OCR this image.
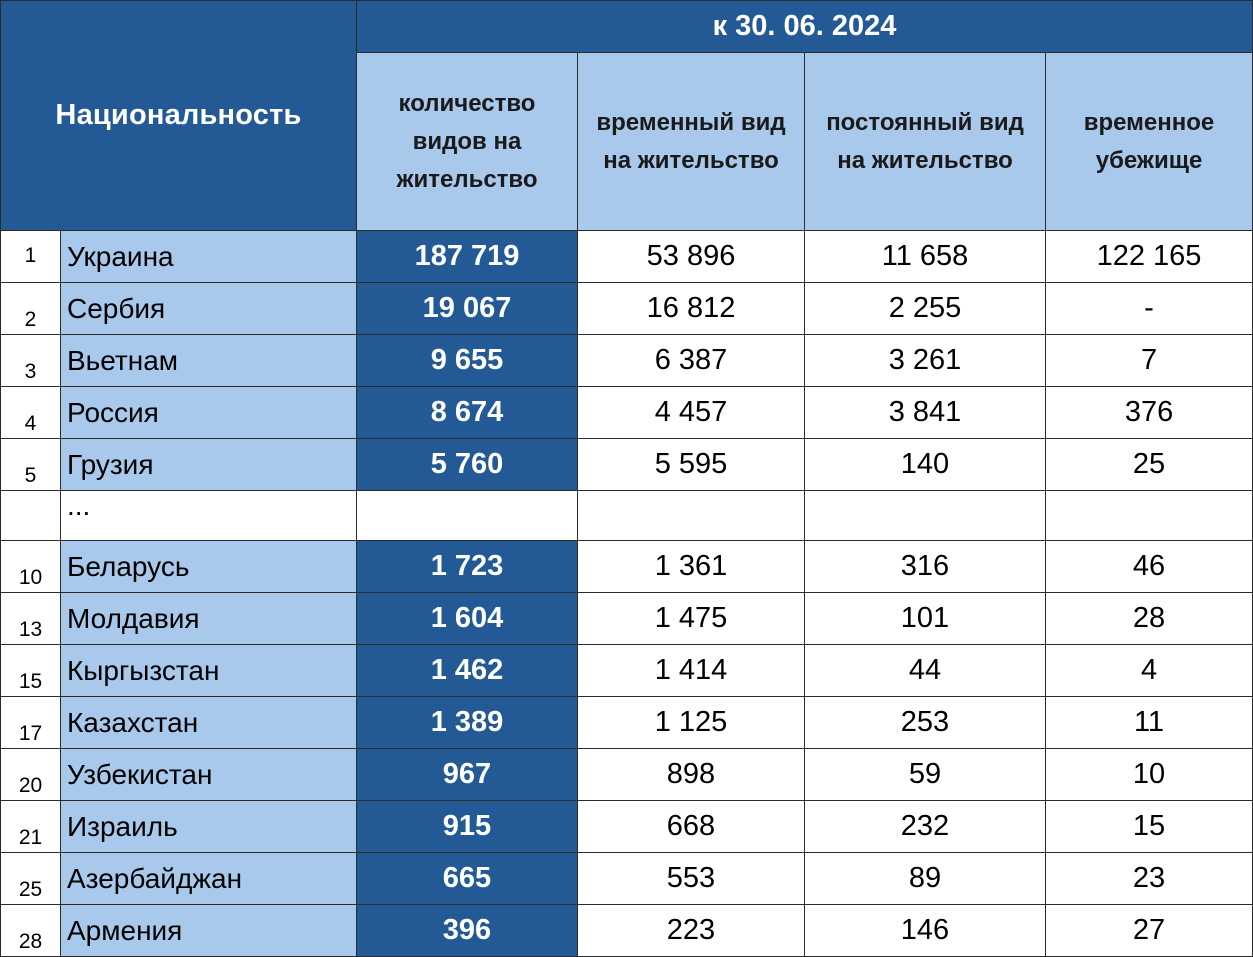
Национальность		к 30. 06. 2024			
		количество видов на жительство	временный вид на жительство	постоянный вид на жительство	временное убежище
1	Украина	187 719	53 896	11 658	122 165
2	Сербия	19 067	16 812	2 255	-
3	Вьетнам	9 655	6 387	3 261	7
4	Россия	8 674	4 457	3 841	376
5	Грузия	5 760	5 595	140	25
	...				
10	Беларусь	1 723	1 361	316	46
13	Молдавия	1 604	1 475	101	28
15	Кыргызстан	1 462	1 414	44	4
17	Казахстан	1 389	1 125	253	11
20	Узбекистан	967	898	59	10
21	Израиль	915	668	232	15
25	Азербайджан	665	553	89	23
28	Армения	396	223	146	27
